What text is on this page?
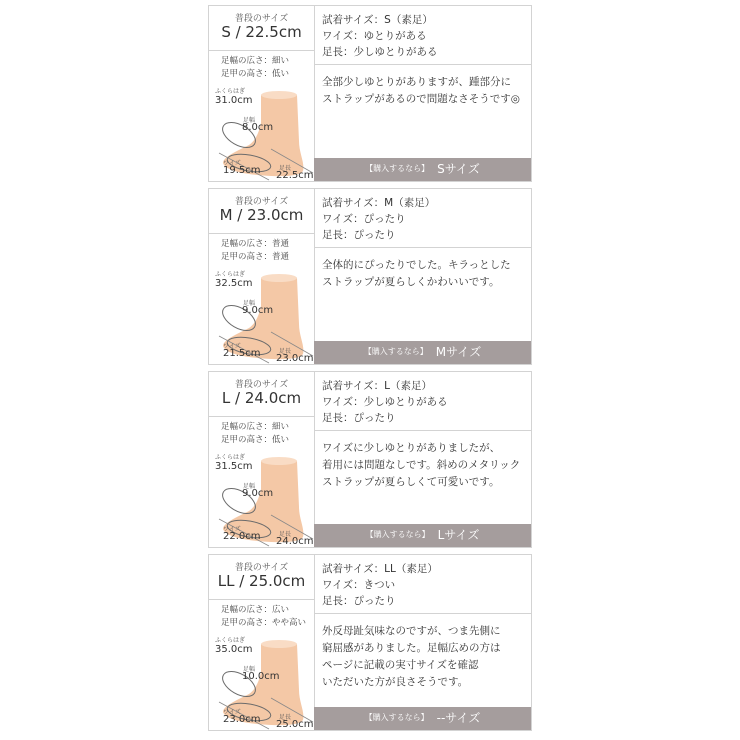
普段のサイズ
S / 22.5cm
足幅の広さ：細い
足甲の高さ：低い
ふくらはぎ
31.0cm
足幅
8.0cm
ワイズ
19.5cm	足長
22.5cm
試着サイズ：S（素足）
ワイズ：ゆとりがある
足長：少しゆとりがある
全部少しゆとりがありますが、踵部分に
ストラップがあるので問題なさそうです◎
【購入するなら】 Sサイズ
普段のサイズ
M / 23.0cm
足幅の広さ：普通
足甲の高さ：普通
ふくらはぎ
32.5cm
足幅
9.0cm
ワイズ
21.5cm	足長
23.0cm
試着サイズ：M（素足）
ワイズ：ぴったり
足長：ぴったり
全体的にぴったりでした。キラっとした
ストラップが夏らしくかわいいです。
【購入するなら】 Mサイズ
普段のサイズ
L / 24.0cm
足幅の広さ：細い
足甲の高さ：低い
ふくらはぎ
31.5cm
足幅
9.0cm
ワイズ
22.0cm	足長
24.0cm
試着サイズ：L（素足）
ワイズ：少しゆとりがある
足長：ぴったり
ワイズに少しゆとりがありましたが、
着用には問題なしです。斜めのメタリック
ストラップが夏らしくて可愛いです。
【購入するなら】 Lサイズ
普段のサイズ
LL / 25.0cm
足幅の広さ：広い
足甲の高さ：やや高い
ふくらはぎ
35.0cm
足幅
10.0cm
ワイズ
23.0cm	足長
25.0cm
試着サイズ：LL（素足）
ワイズ：きつい
足長：ぴったり
外反母趾気味なのですが、つま先側に
窮屈感がありました。足幅広めの方は
ページに記載の実寸サイズを確認
いただいた方が良さそうです。
【購入するなら】 --サイズ
